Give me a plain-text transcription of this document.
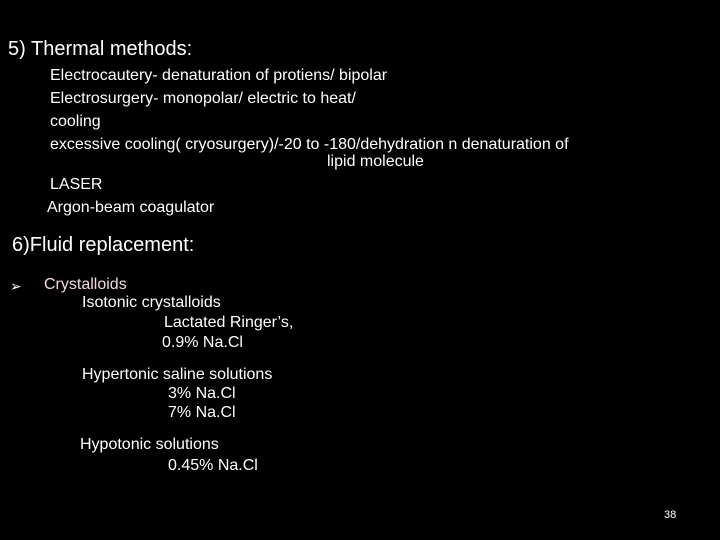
5) Thermal methods:
Electrocautery- denaturation of protiens/ bipolar
Electrosurgery- monopolar/ electric to heat/
cooling
excessive cooling( cryosurgery)/-20 to -180/dehydration n denaturation of
lipid molecule
LASER
Argon-beam coagulator
6)Fluid replacement:
➢ Crystalloids
Isotonic crystalloids
Lactated Ringer’s,
0.9% Na.Cl
Hypertonic saline solutions
3% Na.Cl
7% Na.Cl
Hypotonic solutions
0.45% Na.Cl
38
